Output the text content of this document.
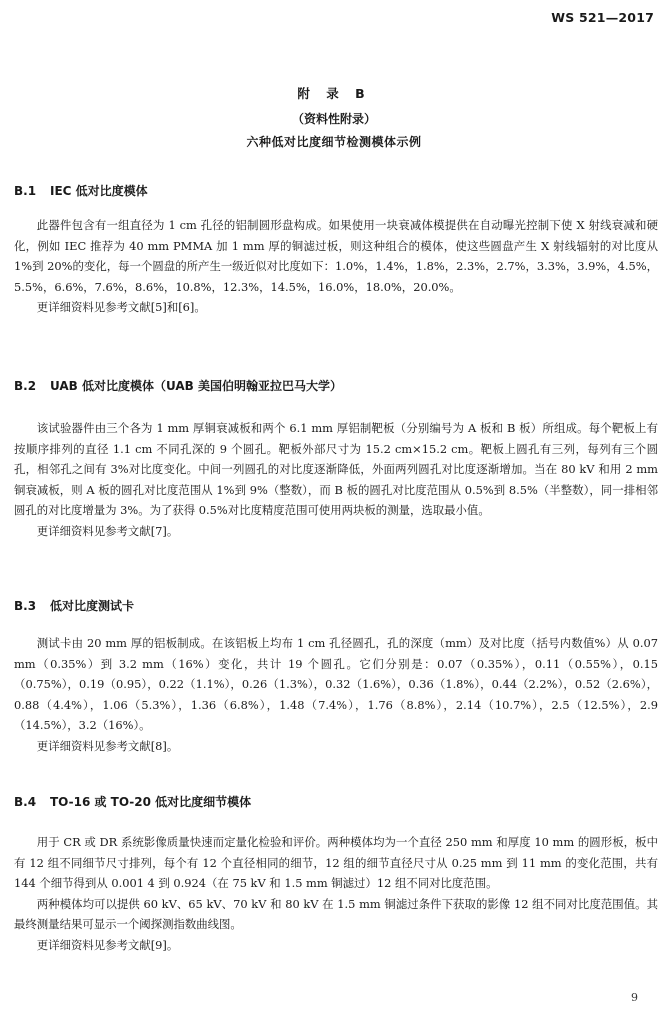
WS 521—2017
附 录 B
（资料性附录）
六种低对比度细节检测模体示例
B.1 IEC 低对比度模体

此器件包含有一组直径为 1 cm 孔径的铝制圆形盘构成。如果使用一块衰减体模提供在自动曝光控制下使 X 射线衰减和硬化，例如 IEC 推荐为 40 mm PMMA 加 1 mm 厚的铜滤过板，则这种组合的模体，使这些圆盘产生 X 射线辐射的对比度从 1%到 20%的变化，每一个圆盘的所产生一级近似对比度如下：1.0%，1.4%，1.8%，2.3%，2.7%，3.3%，3.9%，4.5%，5.5%，6.6%，7.6%，8.6%，10.8%，12.3%，14.5%，16.0%，18.0%，20.0%。

更详细资料见参考文献[5]和[6]。

B.2 UAB 低对比度模体（UAB 美国伯明翰亚拉巴马大学）

该试验器件由三个各为 1 mm 厚铜衰减板和两个 6.1 mm 厚铝制靶板（分别编号为 A 板和 B 板）所组成。每个靶板上有按顺序排列的直径 1.1 cm 不同孔深的 9 个圆孔。靶板外部尺寸为 15.2 cm×15.2 cm。靶板上圆孔有三列，每列有三个圆孔，相邻孔之间有 3%对比度变化。中间一列圆孔的对比度逐渐降低，外面两列圆孔对比度逐渐增加。当在 80 kV 和用 2 mm 铜衰减板，则 A 板的圆孔对比度范围从 1%到 9%（整数），而 B 板的圆孔对比度范围从 0.5%到 8.5%（半整数），同一排相邻圆孔的对比度增量为 3%。为了获得 0.5%对比度精度范围可使用两块板的测量，选取最小值。

更详细资料见参考文献[7]。

B.3 低对比度测试卡

测试卡由 20 mm 厚的铝板制成。在该铝板上均布 1 cm 孔径圆孔，孔的深度（mm）及对比度（括号内数值%）从 0.07 mm（0.35%）到 3.2 mm（16%）变化，共计 19 个圆孔。它们分别是：0.07（0.35%），0.11（0.55%），0.15（0.75%），0.19（0.95），0.22（1.1%），0.26（1.3%），0.32（1.6%），0.36（1.8%），0.44（2.2%），0.52（2.6%），0.88（4.4%），1.06（5.3%），1.36（6.8%），1.48（7.4%），1.76（8.8%），2.14（10.7%），2.5（12.5%），2.9（14.5%），3.2（16%）。

更详细资料见参考文献[8]。

B.4 TO-16 或 TO-20 低对比度细节模体

用于 CR 或 DR 系统影像质量快速而定量化检验和评价。两种模体均为一个直径 250 mm 和厚度 10 mm 的圆形板，板中有 12 组不同细节尺寸排列，每个有 12 个直径相同的细节，12 组的细节直径尺寸从 0.25 mm 到 11 mm 的变化范围，共有 144 个细节得到从 0.001 4 到 0.924（在 75 kV 和 1.5 mm 铜滤过）12 组不同对比度范围。

两种模体均可以提供 60 kV、65 kV、70 kV 和 80 kV 在 1.5 mm 铜滤过条件下获取的影像 12 组不同对比度范围值。其最终测量结果可显示一个阈探测指数曲线图。

更详细资料见参考文献[9]。

9
